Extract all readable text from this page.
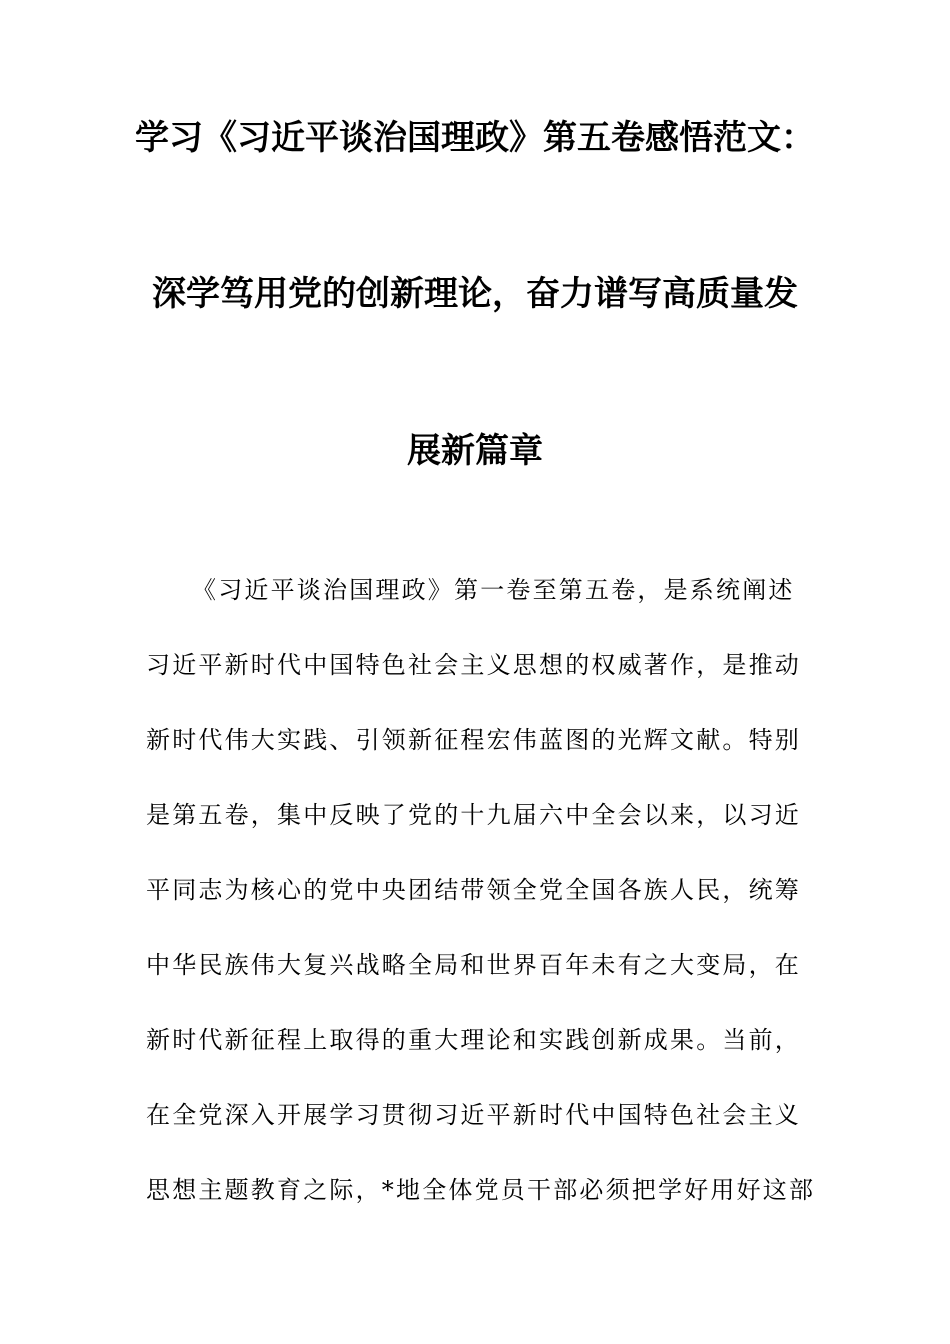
学习《习近平谈治国理政》第五卷感悟范文：
深学笃用党的创新理论，奋力谱写高质量发
展新篇章
《习近平谈治国理政》第一卷至第五卷，是系统阐述
习近平新时代中国特色社会主义思想的权威著作，是推动
新时代伟大实践、引领新征程宏伟蓝图的光辉文献。特别
是第五卷，集中反映了党的十九届六中全会以来，以习近
平同志为核心的党中央团结带领全党全国各族人民，统筹
中华民族伟大复兴战略全局和世界百年未有之大变局，在
新时代新征程上取得的重大理论和实践创新成果。当前，
在全党深入开展学习贯彻习近平新时代中国特色社会主义
思想主题教育之际，*地全体党员干部必须把学好用好这部
